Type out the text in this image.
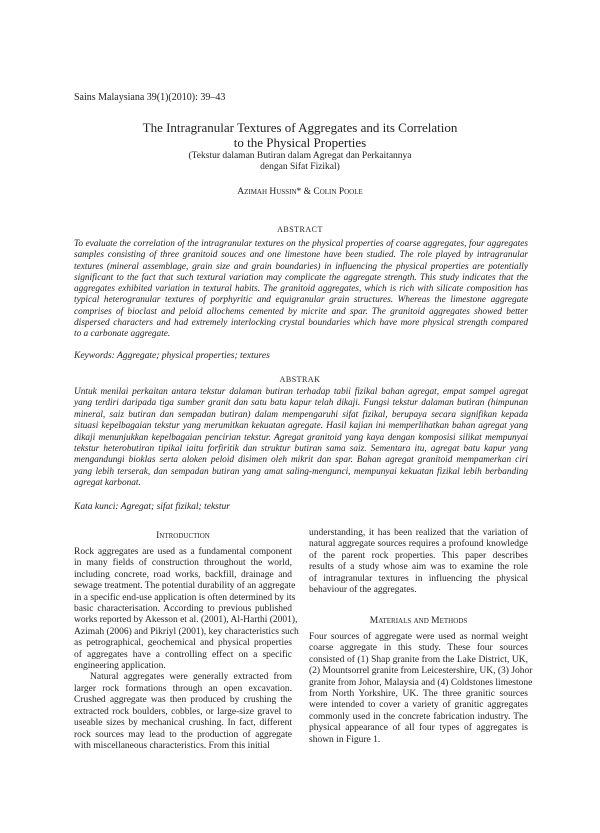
Sains Malaysiana 39(1)(2010): 39–43
The Intragranular Textures of Aggregates and its Correlation
to the Physical Properties
(Tekstur dalaman Butiran dalam Agregat dan Perkaitannya
dengan Sifat Fizikal)
Azimah Hussin* & Colin Poole
ABSTRACT
To evaluate the correlation of the intragranular textures on the physical properties of coarse aggregates, four aggregates
samples consisting of three granitoid souces and one limestone have been studied. The role played by intragranular
textures (mineral assemblage, grain size and grain boundaries) in influencing the physical properties are potentially
significant to the fact that such textural variation may complicate the aggregate strength. This study indicates that the
aggregates exhibited variation in textural habits. The granitoid aggregates, which is rich with silicate composition has
typical heterogranular textures of porphyritic and equigranular grain structures. Whereas the limestone aggregate
comprises of bioclast and peloid allochems cemented by micrite and spar. The granitoid aggregates showed better
dispersed characters and had extremely interlocking crystal boundaries which have more physical strength compared
to a carbonate aggregate.
Keywords: Aggregate; physical properties; textures
ABSTRAK
Untuk menilai perkaitan antara tekstur dalaman butiran terhadap tabii fizikal bahan agregat, empat sampel agregat
yang terdiri daripada tiga sumber granit dan satu batu kapur telah dikaji. Fungsi tekstur dalaman butiran (himpunan
mineral, saiz butiran dan sempadan butiran) dalam mempengaruhi sifat fizikal, berupaya secara signifikan kepada
situasi kepelbagaian tekstur yang merumitkan kekuatan agregate. Hasil kajian ini memperlihatkan bahan agregat yang
dikaji menunjukkan kepelbagaian pencirian tekstur. Agregat granitoid yang kaya dengan komposisi silikat mempunyai
tekstur heterobutiran tipikal iaitu forfiritik dan struktur butiran sama saiz. Sementara itu, agregat batu kapur yang
mengandungi bioklas serta aloken peloid disimen oleh mikrit dan spar. Bahan agregat granitoid mempamerkan ciri
yang lebih terserak, dan sempadan butiran yang amat saling-mengunci, mempunyai kekuatan fizikal lebih berbanding
agregat karbonat.
Kata kunci: Agregat; sifat fizikal; tekstur
Introduction
Rock aggregates are used as a fundamental component
in many fields of construction throughout the world,
including concrete, road works, backfill, drainage and
sewage treatment. The potential durability of an aggregate
in a specific end-use application is often determined by its
basic characterisation. According to previous published
works reported by Akesson et al. (2001), Al-Harthi (2001),
Azimah (2006) and Pikriyl (2001), key characteristics such
as petrographical, geochemical and physical properties
of aggregates have a controlling effect on a specific
engineering application.
Natural aggregates were generally extracted from
larger rock formations through an open excavation.
Crushed aggregate was then produced by crushing the
extracted rock boulders, cobbles, or large-size gravel to
useable sizes by mechanical crushing. In fact, different
rock sources may lead to the production of aggregate
with miscellaneous characteristics. From this initial
understanding, it has been realized that the variation of
natural aggregate sources requires a profound knowledge
of the parent rock properties. This paper describes
results of a study whose aim was to examine the role
of intragranular textures in influencing the physical
behaviour of the aggregates.
Materials and Methods
Four sources of aggregate were used as normal weight
coarse aggregate in this study. These four sources
consisted of (1) Shap granite from the Lake District, UK,
(2) Mountsorrel granite from Leicestershire, UK, (3) Johor
granite from Johor, Malaysia and (4) Coldstones limestone
from North Yorkshire, UK. The three granitic sources
were intended to cover a variety of granitic aggregates
commonly used in the concrete fabrication industry. The
physical appearance of all four types of aggregates is
shown in Figure 1.
